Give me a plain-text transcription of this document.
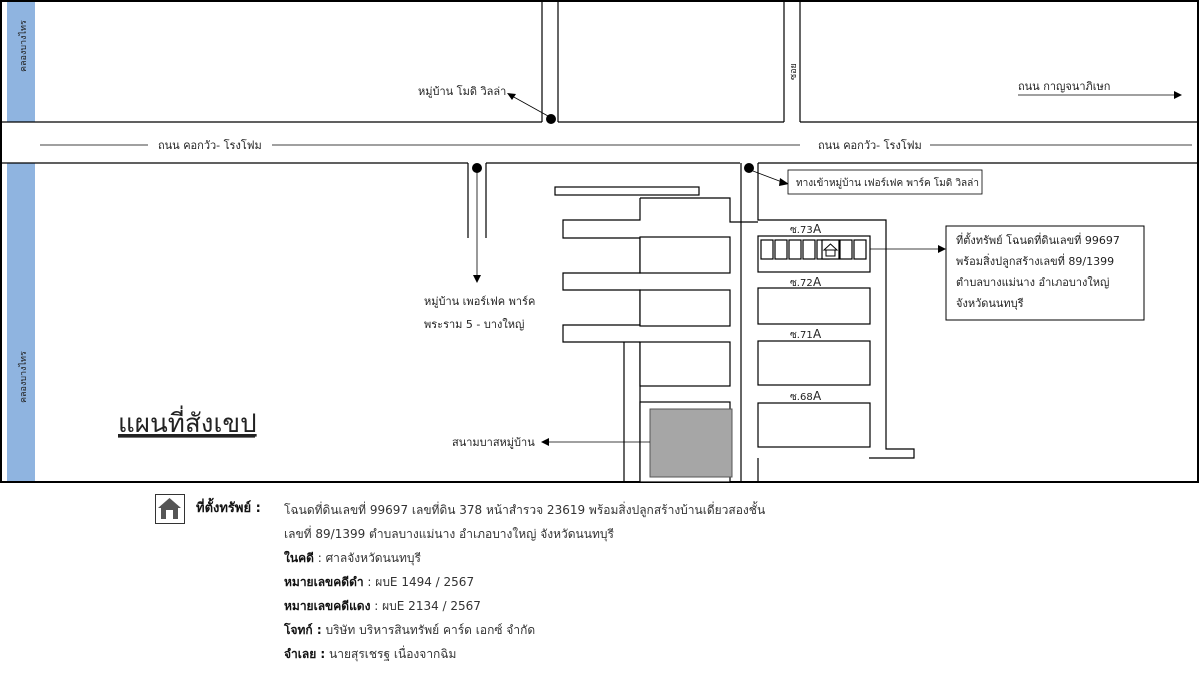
คลองบางไทร
คลองบางไทร
ถนน คอกวัว- โรงโฟม	ถนน คอกวัว- โรงโฟม
ซอย
ถนน กาญจนาภิเษก
หมู่บ้าน โมดิ วิลล่า
หมู่บ้าน เพอร์เฟค พาร์ค
พระราม 5 - บางใหญ่
ทางเข้าหมู่บ้าน เฟอร์เฟค พาร์ค โมดิ วิลล่า
ซ.73 A
ซ.72 A
ซ.71 A
ซ.68 A
ที่ตั้งทรัพย์ โฉนดที่ดินเลขที่ 99697
พร้อมสิ่งปลูกสร้างเลขที่ 89/1399
ตำบลบางแม่นาง อำเภอบางใหญ่
จังหวัดนนทบุรี
สนามบาสหมู่บ้าน
แผนที่สังเขป
ที่ตั้งทรัพย์ : โฉนดที่ดินเลขที่ 99697 เลขที่ดิน 378 หน้าสำรวจ 23619 พร้อมสิ่งปลูกสร้างบ้านเดี่ยวสองชั้น
เลขที่ 89/1399 ตำบลบางแม่นาง อำเภอบางใหญ่ จังหวัดนนทบุรี
ในคดี : ศาลจังหวัดนนทบุรี
หมายเลขคดีดำ : ผบE 1494 / 2567
หมายเลขคดีแดง : ผบE 2134 / 2567
โจทก์ : บริษัท บริหารสินทรัพย์ คาร์ด เอกซ์ จำกัด
จำเลย : นายสุรเชรฐ เนื่องจากฉิม
